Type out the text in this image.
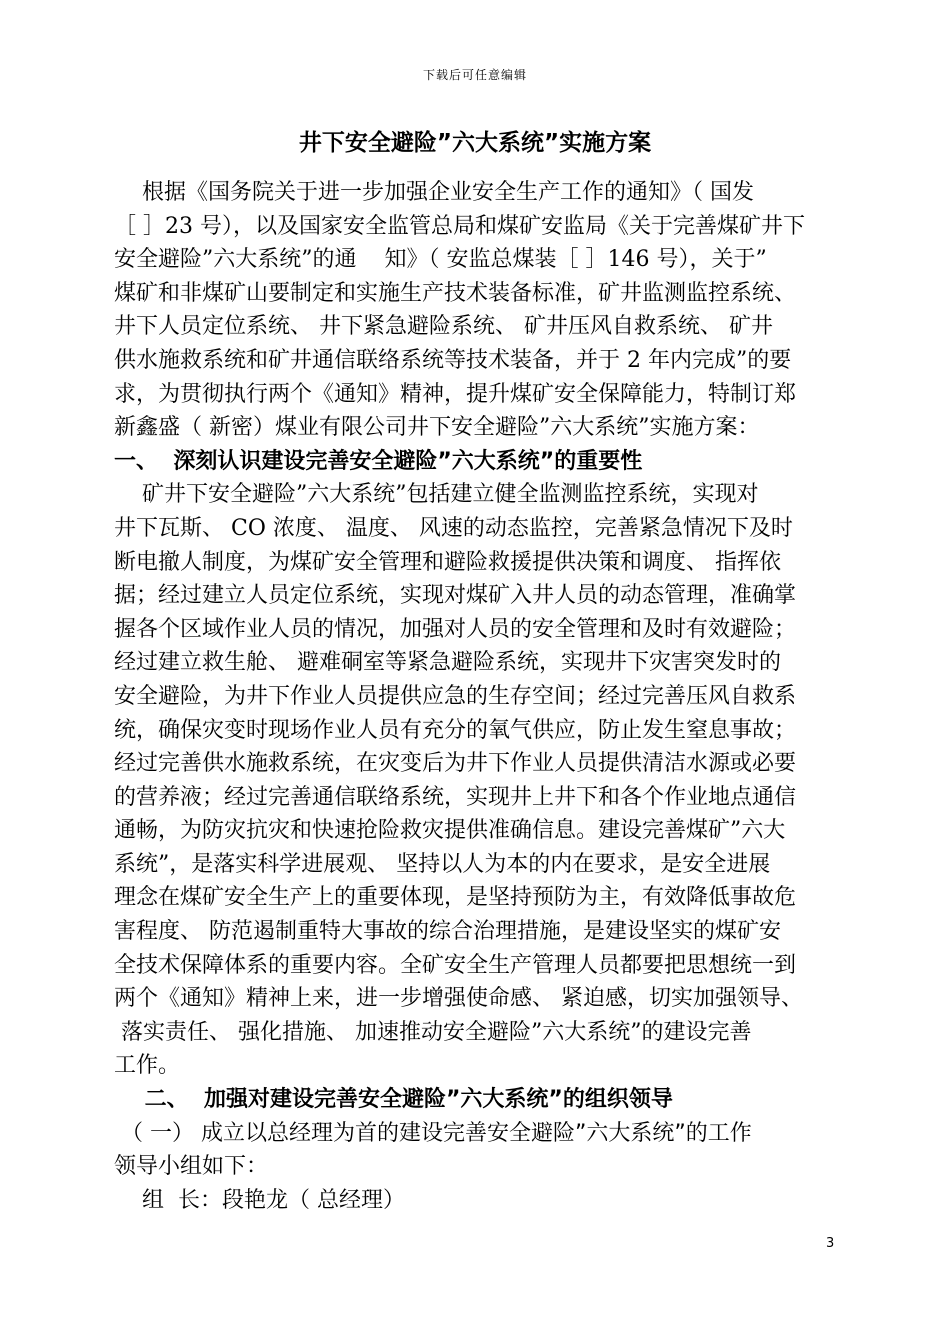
下载后可任意编辑
井下安全避险”六大系统”实施方案
根据《国务院关于进一步加强企业安全生产工作的通知》（ 国发
［ ］23 号），以及国家安全监管总局和煤矿安监局《关于完善煤矿井下
安全避险”六大系统”的通    知》（ 安监总煤装［ ］146 号），关于”
煤矿和非煤矿山要制定和实施生产技术装备标准，矿井监测监控系统、
井下人员定位系统、 井下紧急避险系统、 矿井压风自救系统、 矿井
供水施救系统和矿井通信联络系统等技术装备，并于 2 年内完成”的要
求，为贯彻执行两个《通知》精神，提升煤矿安全保障能力，特制订郑
新鑫盛（ 新密）煤业有限公司井下安全避险”六大系统”实施方案：
一、  深刻认识建设完善安全避险”六大系统”的重要性
矿井下安全避险”六大系统”包括建立健全监测监控系统，实现对
井下瓦斯、 CO 浓度、 温度、 风速的动态监控，完善紧急情况下及时
断电撤人制度，为煤矿安全管理和避险救援提供决策和调度、 指挥依
据；经过建立人员定位系统，实现对煤矿入井人员的动态管理，准确掌
握各个区域作业人员的情况，加强对人员的安全管理和及时有效避险；
经过建立救生舱、 避难硐室等紧急避险系统，实现井下灾害突发时的
安全避险，为井下作业人员提供应急的生存空间；经过完善压风自救系
统，确保灾变时现场作业人员有充分的氧气供应，防止发生窒息事故；
经过完善供水施救系统，在灾变后为井下作业人员提供清洁水源或必要
的营养液；经过完善通信联络系统，实现井上井下和各个作业地点通信
通畅，为防灾抗灾和快速抢险救灾提供准确信息。建设完善煤矿”六大
系统”，是落实科学进展观、 坚持以人为本的内在要求，是安全进展
理念在煤矿安全生产上的重要体现，是坚持预防为主，有效降低事故危
害程度、 防范遏制重特大事故的综合治理措施，是建设坚实的煤矿安
全技术保障体系的重要内容。全矿安全生产管理人员都要把思想统一到
两个《通知》精神上来，进一步增强使命感、 紧迫感，切实加强领导、
落实责任、 强化措施、 加速推动安全避险”六大系统”的建设完善
工作。
二、  加强对建设完善安全避险”六大系统”的组织领导
（ 一） 成立以总经理为首的建设完善安全避险”六大系统”的工作
领导小组如下：
组  长：段艳龙（ 总经理）
3
